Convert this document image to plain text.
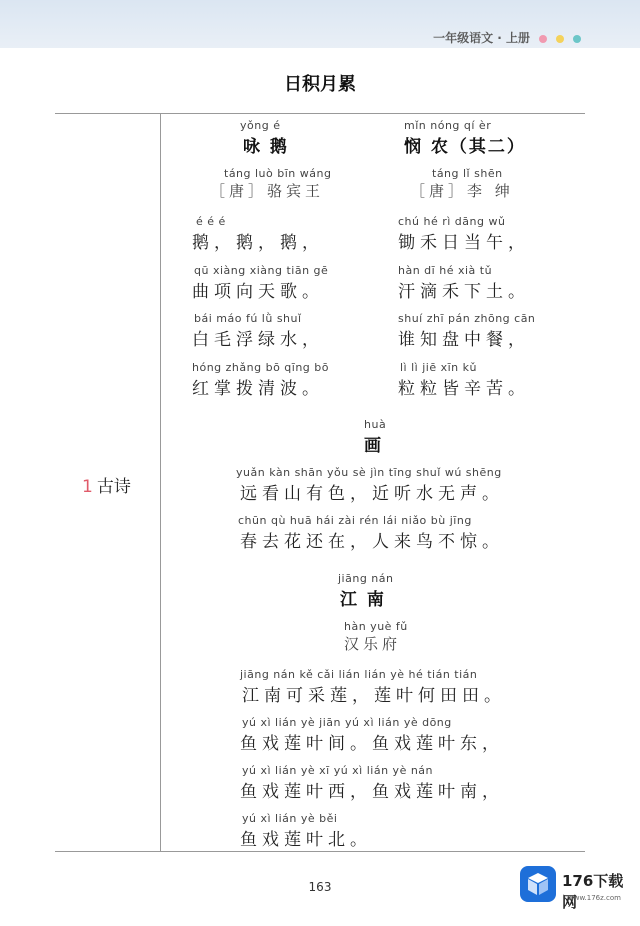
一年级语文 · 上册
日积月累
1 古诗
yǒng é
咏 鹅
táng luò bīn wáng
［唐］骆宾王
é é é
鹅，鹅，鹅，
qū xiàng xiàng tiān gē
曲项向天歌。
bái máo fú lǜ shuǐ
白毛浮绿水，
hóng zhǎng bō qīng bō
红掌拨清波。
mǐn nóng qí èr
悯 农（其二）
táng lǐ shēn
［唐］李 绅
chú hé rì dāng wǔ
锄禾日当午，
hàn dī hé xià tǔ
汗滴禾下土。
shuí zhī pán zhōng cān
谁知盘中餐，
lì lì jiē xīn kǔ
粒粒皆辛苦。
huà
画
yuǎn kàn shān yǒu sè jìn tīng shuǐ wú shēng
远看山有色，近听水无声。
chūn qù huā hái zài rén lái niǎo bù jīng
春去花还在，人来鸟不惊。
jiāng nán
江 南
hàn yuè fǔ
汉乐府
jiāng nán kě cǎi lián lián yè hé tián tián
江南可采莲，莲叶何田田。
yú xì lián yè jiān yú xì lián yè dōng
鱼戏莲叶间。鱼戏莲叶东，
yú xì lián yè xī yú xì lián yè nán
鱼戏莲叶西，鱼戏莲叶南，
yú xì lián yè běi
鱼戏莲叶北。
163	176下载网
www.176z.com
